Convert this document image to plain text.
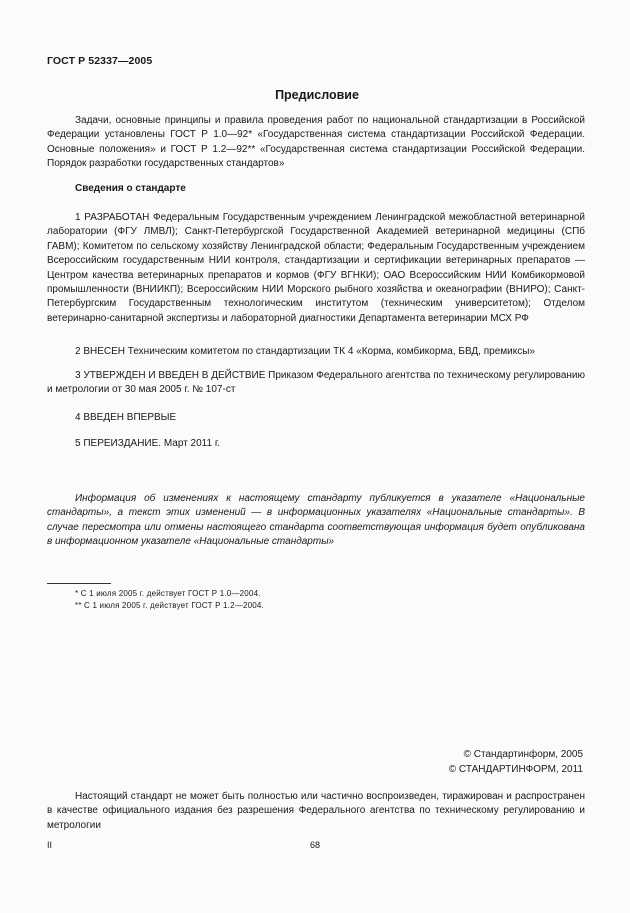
ГОСТ Р 52337—2005
Предисловие
Задачи, основные принципы и правила проведения работ по национальной стандартизации в Российской Федерации установлены ГОСТ Р 1.0—92* «Государственная система стандартизации Российской Федерации. Основные положения» и ГОСТ Р 1.2—92** «Государственная система стандартизации Российской Федерации. Порядок разработки государственных стандартов»
Сведения о стандарте
1 РАЗРАБОТАН Федеральным Государственным учреждением Ленинградской межобластной ветеринарной лаборатории (ФГУ ЛМВЛ); Санкт-Петербургской Государственной Академией ветеринарной медицины (СПб ГАВМ); Комитетом по сельскому хозяйству Ленинградской области; Федеральным Государственным учреждением Всероссийским государственным НИИ контроля, стандартизации и сертификации ветеринарных препаратов — Центром качества ветеринарных препаратов и кормов (ФГУ ВГНКИ); ОАО Всероссийским НИИ Комбикормовой промышленности (ВНИИКП); Всероссийским НИИ Морского рыбного хозяйства и океанографии (ВНИРО); Санкт-Петербургским Государственным технологическим институтом (техническим университетом); Отделом ветеринарно-санитарной экспертизы и лабораторной диагностики Департамента ветеринарии МСХ РФ
2 ВНЕСЕН Техническим комитетом по стандартизации ТК 4 «Корма, комбикорма, БВД, премиксы»
3 УТВЕРЖДЕН И ВВЕДЕН В ДЕЙСТВИЕ Приказом Федерального агентства по техническому регулированию и метрологии от 30 мая 2005 г. № 107-ст
4 ВВЕДЕН ВПЕРВЫЕ
5 ПЕРЕИЗДАНИЕ. Март 2011 г.
Информация об изменениях к настоящему стандарту публикуется в указателе «Национальные стандарты», а текст этих изменений — в информационных указателях «Национальные стандарты». В случае пересмотра или отмены настоящего стандарта соответствующая информация будет опубликована в информационном указателе «Национальные стандарты»
* С 1 июля 2005 г. действует ГОСТ Р 1.0—2004.
** С 1 июля 2005 г. действует ГОСТ Р 1.2—2004.
© Стандартинформ, 2005
© СТАНДАРТИНФОРМ, 2011
Настоящий стандарт не может быть полностью или частично воспроизведен, тиражирован и распространен в качестве официального издания без разрешения Федерального агентства по техническому регулированию и метрологии
II	68
